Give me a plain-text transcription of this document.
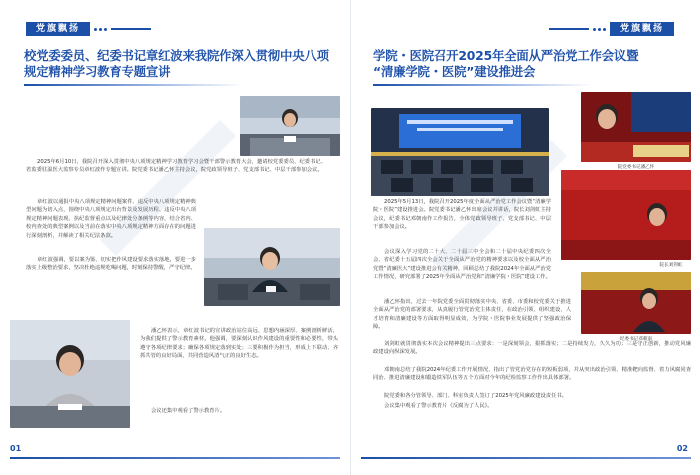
党旗飘扬
校党委委员、纪委书记章红波来我院作深入贯彻中央八项规定精神学习教育专题宣讲

2025年6月10日，我院召开深入贯彻中央八项规定精神学习教育学习会暨干部警示教育大会，邀请校党委委员、纪委书记、省监委驻温医大监察专员章红波作专题宣讲。院党委书记潘乙怀主持会议，院党政领导班子、党支部书记、中层干部参加会议。

章红波以通报中央八项规定精神问题案件、违反中央八项规定精神典型问题为切入点，围绕中央八项规定出台背景及发展历程、违反中央八项规定精神问题表现、执纪监督重点以及纪律处分条例等内容，结合省内、校内查处的典型案例以及当前在落实中央八项规定精神方面存在的问题进行深刻剖析，并解读了相关纪法条款。

章红波强调，要以案为鉴、切实把作风建设要求落实落地，要进一步落实上级整治要求，坚决杜绝违规吃喝问题，时刻保持警醒，严守纪律。

潘乙怀表示，章红波书记的宣讲政治站位高远、思想内涵深厚、案例剖析鲜活，为我们提供了警示教育素材。他强调，要深刻认识作风建设的重要性和必要性，带头遵守各项纪律要求；确保各项规定落到实处；三要积极作为担当，形成上下联动、齐抓共管的良好局面，共同营造风清气正的良好生态。

会议还集中观看了警示教育片。

01
党旗飘扬
学院・医院召开2025年全面从严治党工作会议暨
“清廉学院・医院”建设推进会
院党委书记潘乙怀
院长刘剑虹
纪委书记邓朝南

2025年5月13日，我院召开2025年度全面从严治党工作会议暨“清廉学院・医院”建设推进会。院党委书记潘乙怀出席会议并讲话，院长刘剑虹主持会议，纪委书记邓朝南作工作报告，全体党政领导班子、党支部书记、中层干部参加会议。

会议深入学习党的二十大、二十届三中全会和二十届中央纪委四次全会、省纪委十五届四次全会关于全面从严治党的精神要求以及校全面从严治党暨“清廉医大”建设推进会有关精神，回顾总结了我院2024年全面从严治党工作情况，研究部署了2025年全面从严治党和“清廉学院・医院”建设工作。

潘乙怀指出，过去一年院党委全面贯彻落实中央、省委、市委和校党委关于推进全面从严治党的部署要求，从真履行管党治党主体责任，在政治引领、组织建设、人才培育和清廉建设等方面取得明显成效，为学院・医院事业发展提供了坚强政治保障。

刘剑虹就贯彻落实本次会议精神提出三点要求：一是深刻领会，狠抓落实；二是持续发力，久久为功；三是守正创新，推动党风廉政建设向纵深发展。

邓朝南总结了我院2024年纪委工作开展情况，指出了管党治党存在的短板弱项，并从突出政治引领、精准靶向监督、着力风腐同查同治、推进清廉建设和锻造铁军队伍等五个方面对今年的纪检监察工作作出具体部署。

院党委和各分管领导、部门、科室负责人签订了2025年党风廉政建设责任书。

会议集中观看了警示教育片《反腐为了人民》。

02
